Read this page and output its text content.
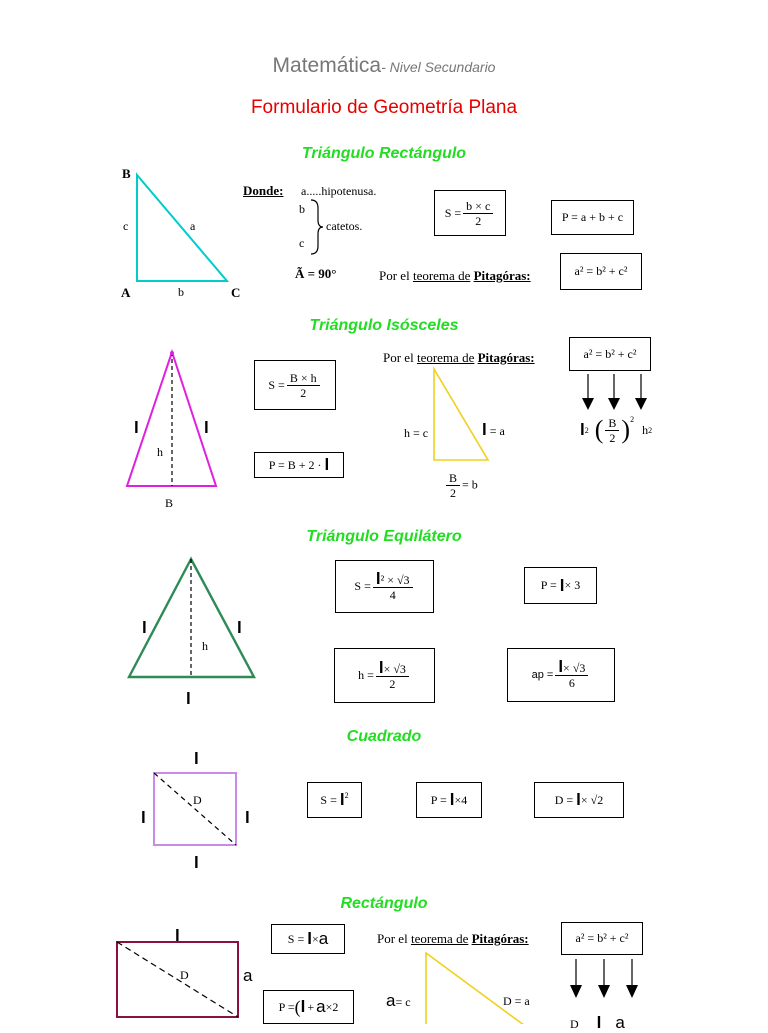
Matemática- Nivel Secundario
Formulario de Geometría Plana
Triángulo Rectángulo
B
A	C
c	a
b
Donde: a.....hipotenusa.
b
c
catetos.
Ã = 90°
$S = \frac{b \times c}{2}$	P = a + b + c
Por el teorema de Pitagóras:	a² = b² + c²
Triángulo Isósceles
l	l
h
B
$S = \frac{B \times h}{2}$
P = B + 2 ·
l
Por el teorema de Pitagóras:	a² = b² + c²
h = c	l = a
$\frac{B}{2} = b$
l 2 ( $\frac{B}{2} )^2$
h 2
Triángulo Equilátero
l	l
l
h
$S = \frac{\text{l² × √3}}{4}$	P =
l × 3
$h = \frac{l\times √3}{2}$	ap = $\frac{l\times √3}{6}$
Cuadrado
l
l	l
l
D	S =
$l^2$	P =
l ×4	D =
l × √2
Rectángulo
l
a
D
S =
l × a
P = ( l + a ×2
Por el teorema de Pitagóras:	a² = b² + c²
a= c	D = a
D l a
